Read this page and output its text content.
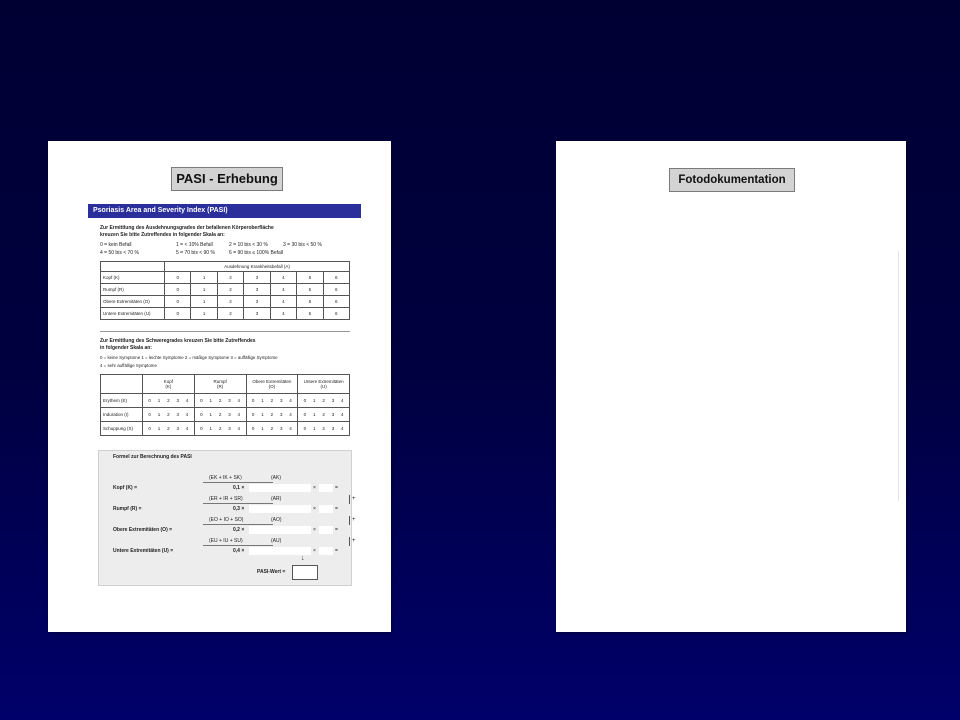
PASI - Erhebung
Psoriasis Area and Severity Index (PASI)
Zur Ermittlung des Ausdehnungsgrades der befallenen Körperoberfläche
kreuzen Sie bitte Zutreffendes in folgender Skala an:
0 = kein Befall	1 = < 10% Befall	2 = 10 bis < 30 %	3 = 30 bis < 50 %
4 = 50 bis < 70 %	5 = 70 bis < 90 %	6 = 90 bis ≤ 100% Befall
	Ausdehnung Krankheitsbefall (A)						
Kopf (K)	0	1	2	3	4	5	6
Rumpf (R)	0	1	2	3	4	5	6
Obere Extremitäten (O)	0	1	2	3	4	5	6
Untere Extremitäten (U)	0	1	2	3	4	5	6
Zur Ermittlung des Schweregrades kreuzen Sie bitte Zutreffendes
in folgender Skala an:
0 = keine Symptome 1 = leichte Symptome 2 = mäßige Symptome 3 = auffällige Symptome
4 = sehr auffällige Symptome
	Kopf
(K)	Rumpf
(R)	Obere Extremitäten
(O)	Untere Extremitäten
(U)
Erythem (E)	0 1 2 3 4	0 1 2 3 4	0 1 2 3 4	0 1 2 3 4

Induration (I)	0 1 2 3 4	0 1 2 3 4	0 1 2 3 4	0 1 2 3 4

Schuppung (S)	0 1 2 3 4	0 1 2 3 4	0 1 2 3 4	0 1 2 3 4
Formel zur Berechnung des PASI
(EK + IK + SK)	(AK)
Kopf (K) =	0,1 ×	×	=
(ER + IR + SR)	(AR)
Rumpf (R) =	0,3 ×	×	=
+
(EO + IO + SO)	(AO)
Obere Extremitäten (O) =	0,2 ×	×	=
+
(EU + IU + SU)	(AU)
Untere Extremitäten (U) =	0,4 ×	×	=
+
↓
PASI-Wert =
Fotodokumentation
